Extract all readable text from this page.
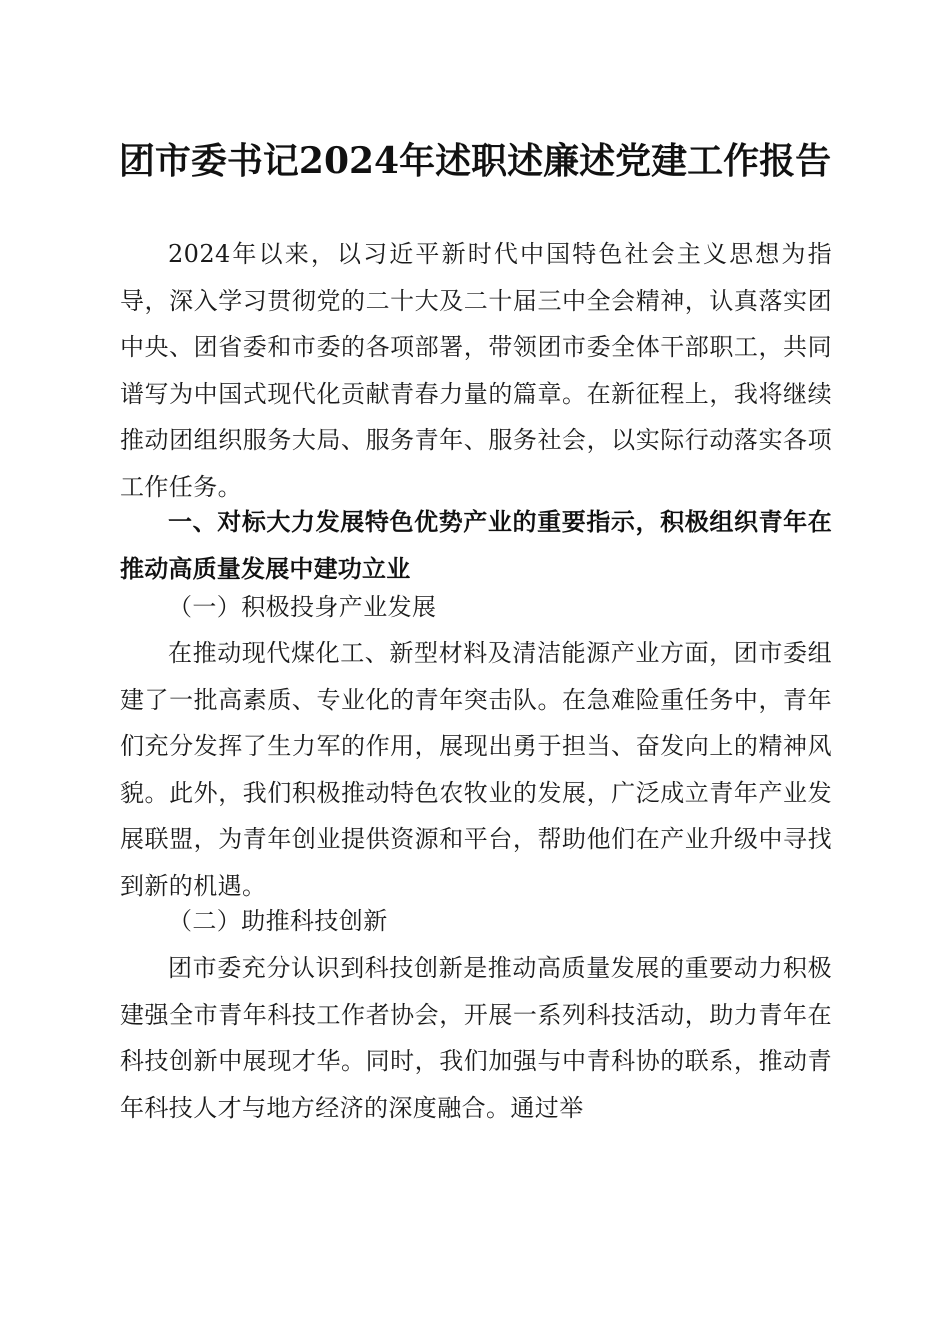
团市委书记2024年述职述廉述党建工作报告
2024年以来，以习近平新时代中国特色社会主义思想为指导，深入学习贯彻党的二十大及二十届三中全会精神，认真落实团中央、团省委和市委的各项部署，带领团市委全体干部职工，共同谱写为中国式现代化贡献青春力量的篇章。在新征程上，我将继续推动团组织服务大局、服务青年、服务社会，以实际行动落实各项工作任务。
一、对标大力发展特色优势产业的重要指示，积极组织青年在推动高质量发展中建功立业
（一）积极投身产业发展
在推动现代煤化工、新型材料及清洁能源产业方面，团市委组建了一批高素质、专业化的青年突击队。在急难险重任务中，青年们充分发挥了生力军的作用，展现出勇于担当、奋发向上的精神风貌。此外，我们积极推动特色农牧业的发展，广泛成立青年产业发展联盟，为青年创业提供资源和平台，帮助他们在产业升级中寻找到新的机遇。
（二）助推科技创新
团市委充分认识到科技创新是推动高质量发展的重要动力积极建强全市青年科技工作者协会，开展一系列科技活动，助力青年在科技创新中展现才华。同时，我们加强与中青科协的联系，推动青年科技人才与地方经济的深度融合。通过举
